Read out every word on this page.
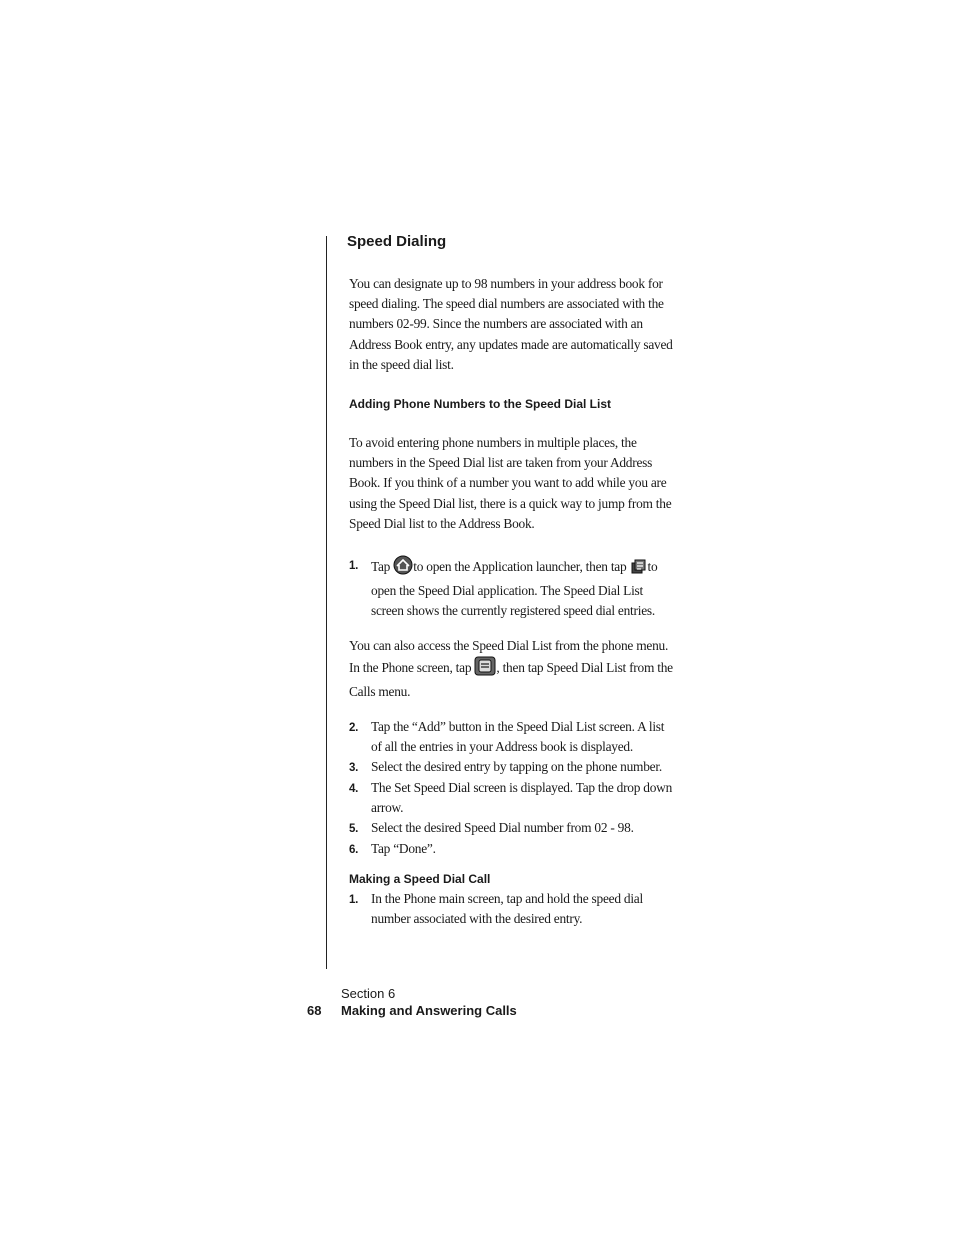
Speed Dialing
You can designate up to 98 numbers in your address book for speed dialing. The speed dial numbers are associated with the numbers 02-99. Since the numbers are associated with an Address Book entry, any updates made are automatically saved in the speed dial list.
Adding Phone Numbers to the Speed Dial List
To avoid entering phone numbers in multiple places, the numbers in the Speed Dial list are taken from your Address Book. If you think of a number you want to add while you are using the Speed Dial list, there is a quick way to jump from the Speed Dial list to the Address Book.
1. Tap to open the Application launcher, then tap to open the Speed Dial application. The Speed Dial List screen shows the currently registered speed dial entries.
You can also access the Speed Dial List from the phone menu. In the Phone screen, tap , then tap Speed Dial List from the Calls menu.
2. Tap the “Add” button in the Speed Dial List screen. A list of all the entries in your Address book is displayed.
3. Select the desired entry by tapping on the phone number.
4. The Set Speed Dial screen is displayed. Tap the drop down arrow.
5. Select the desired Speed Dial number from 02 - 98.
6. Tap “Done”.
Making a Speed Dial Call
1. In the Phone main screen, tap and hold the speed dial number associated with the desired entry.
Section 6
68 Making and Answering Calls
